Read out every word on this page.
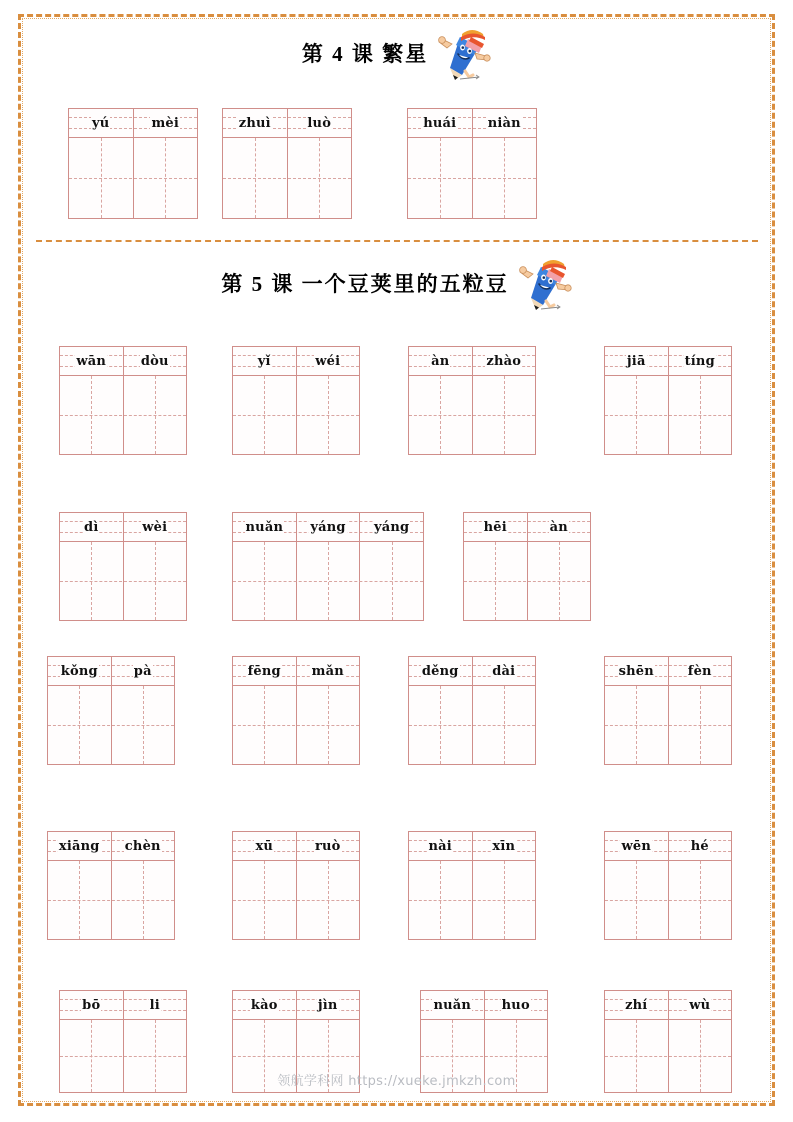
第 4 课 繁星
第 5 课 一个豆荚里的五粒豆
yú	mèi	zhuì	luò	huái niàn
wān	dòu	yǐ	wéi	àn	zhào	jiā	tíng
dì	wèi	nuǎn yáng yáng	hēi	àn
kǒng	pà	fēng mǎn	děng	dài	shēn	fèn
xiāng chèn	xū	ruò	nài	xīn	wēn	hé
bō	li	kào	jìn	nuǎn huo	zhí	wù
领航学科网 https://xueke.jmkzh.com
